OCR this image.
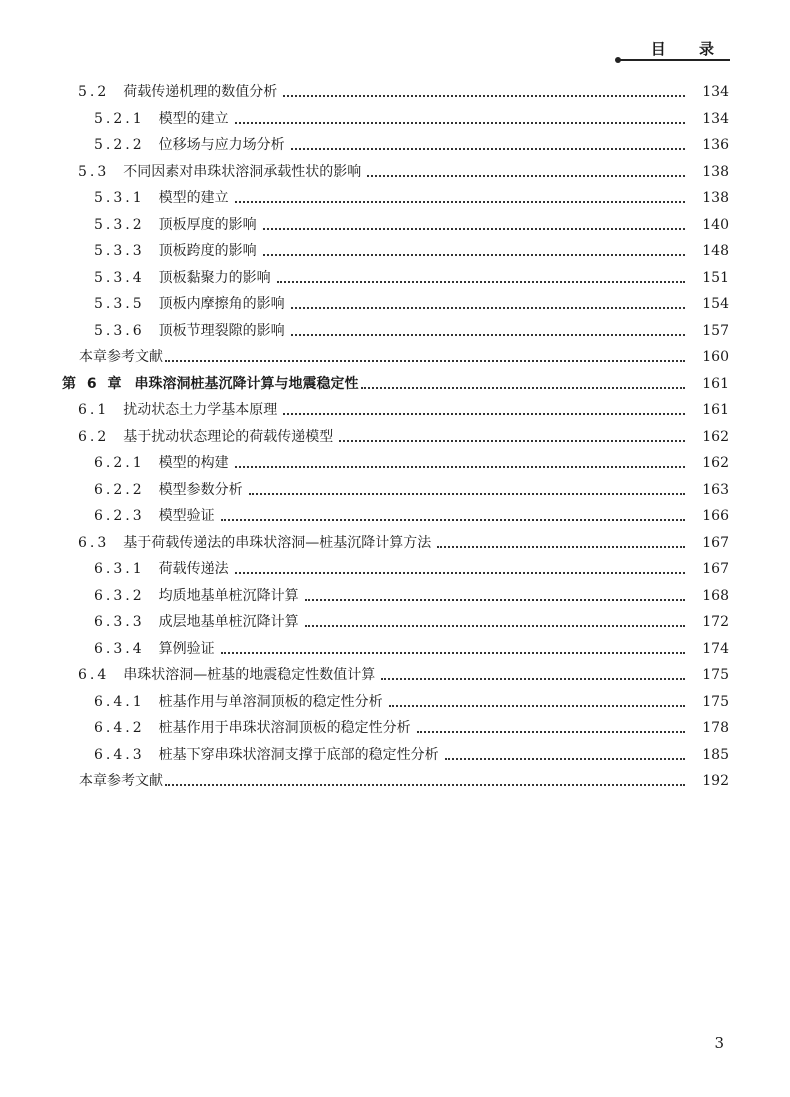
目 录
5.2 荷载传递机理的数值分析	134
5.2.1 模型的建立	134
5.2.2 位移场与应力场分析	136
5.3 不同因素对串珠状溶洞承载性状的影响	138
5.3.1 模型的建立	138
5.3.2 顶板厚度的影响	140
5.3.3 顶板跨度的影响	148
5.3.4 顶板黏聚力的影响	151
5.3.5 顶板内摩擦角的影响	154
5.3.6 顶板节理裂隙的影响	157
本章参考文献	160
第 6 章 串珠溶洞桩基沉降计算与地震稳定性	161
6.1 扰动状态土力学基本原理	161
6.2 基于扰动状态理论的荷载传递模型	162
6.2.1 模型的构建	162
6.2.2 模型参数分析	163
6.2.3 模型验证	166
6.3 基于荷载传递法的串珠状溶洞—桩基沉降计算方法	167
6.3.1 荷载传递法	167
6.3.2 均质地基单桩沉降计算	168
6.3.3 成层地基单桩沉降计算	172
6.3.4 算例验证	174
6.4 串珠状溶洞—桩基的地震稳定性数值计算	175
6.4.1 桩基作用与单溶洞顶板的稳定性分析	175
6.4.2 桩基作用于串珠状溶洞顶板的稳定性分析	178
6.4.3 桩基下穿串珠状溶洞支撑于底部的稳定性分析	185
本章参考文献	192
3
